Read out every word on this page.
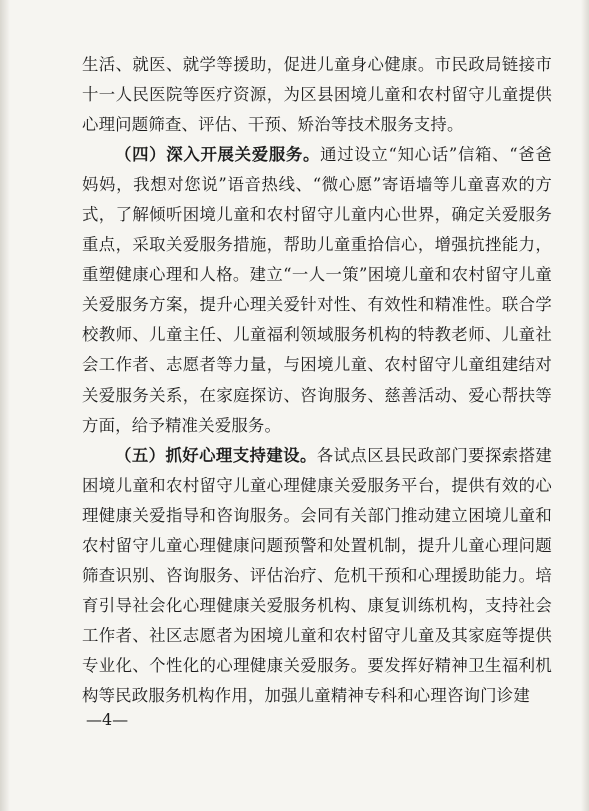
生活、就医、就学等援助，促进儿童身心健康。市民政局链接市十一人民医院等医疗资源，为区县困境儿童和农村留守儿童提供心理问题筛查、评估、干预、矫治等技术服务支持。

（四）深入开展关爱服务。通过设立“知心话”信箱、“爸爸妈妈，我想对您说”语音热线、“微心愿”寄语墙等儿童喜欢的方式，了解倾听困境儿童和农村留守儿童内心世界，确定关爱服务重点，采取关爱服务措施，帮助儿童重拾信心，增强抗挫能力，重塑健康心理和人格。建立“一人一策”困境儿童和农村留守儿童关爱服务方案，提升心理关爱针对性、有效性和精准性。联合学校教师、儿童主任、儿童福利领域服务机构的特教老师、儿童社会工作者、志愿者等力量，与困境儿童、农村留守儿童组建结对关爱服务关系，在家庭探访、咨询服务、慈善活动、爱心帮扶等方面，给予精准关爱服务。

（五）抓好心理支持建设。各试点区县民政部门要探索搭建困境儿童和农村留守儿童心理健康关爱服务平台，提供有效的心理健康关爱指导和咨询服务。会同有关部门推动建立困境儿童和农村留守儿童心理健康问题预警和处置机制，提升儿童心理问题筛查识别、咨询服务、评估治疗、危机干预和心理援助能力。培育引导社会化心理健康关爱服务机构、康复训练机构，支持社会工作者、社区志愿者为困境儿童和农村留守儿童及其家庭等提供专业化、个性化的心理健康关爱服务。要发挥好精神卫生福利机构等民政服务机构作用，加强儿童精神专科和心理咨询门诊建

—4—
